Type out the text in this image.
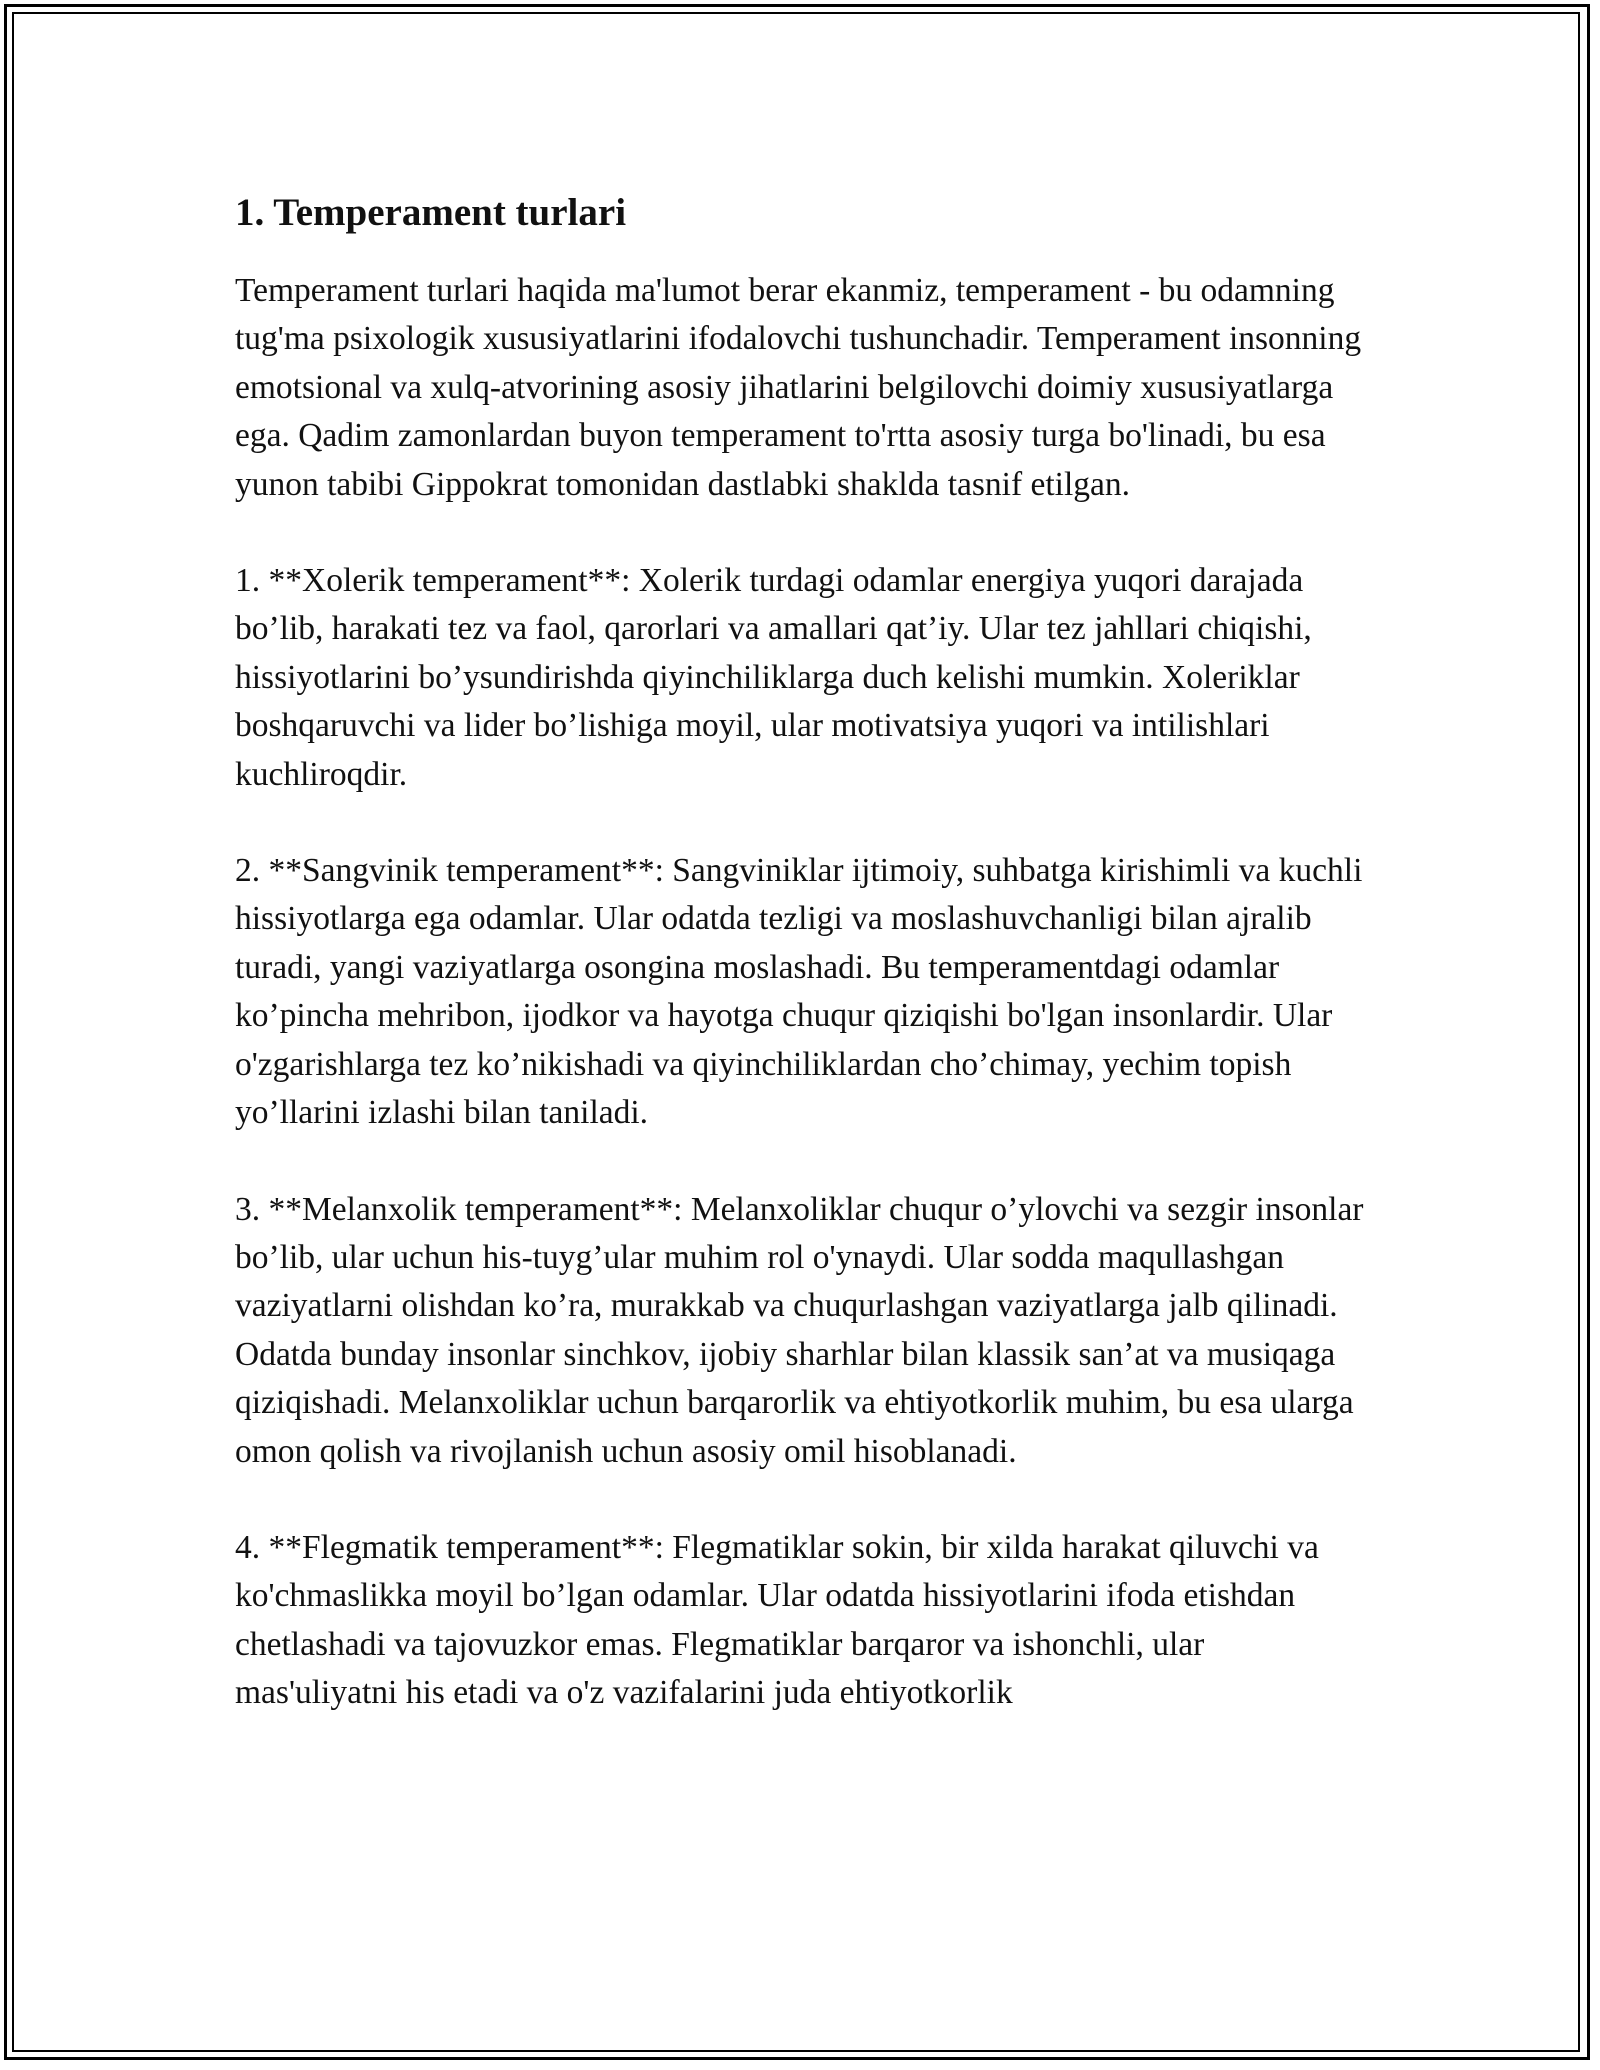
1. Temperament turlari

Temperament turlari haqida ma'lumot berar ekanmiz, temperament - bu odamning tug'ma psixologik xususiyatlarini ifodalovchi tushunchadir. Temperament insonning emotsional va xulq-atvorining asosiy jihatlarini belgilovchi doimiy xususiyatlarga ega. Qadim zamonlardan buyon temperament to'rtta asosiy turga bo'linadi, bu esa yunon tabibi Gippokrat tomonidan dastlabki shaklda tasnif etilgan.

1. **Xolerik temperament**: Xolerik turdagi odamlar energiya yuqori darajada bo’lib, harakati tez va faol, qarorlari va amallari qat’iy. Ular tez jahllari chiqishi, hissiyotlarini bo’ysundirishda qiyinchiliklarga duch kelishi mumkin. Xoleriklar boshqaruvchi va lider bo’lishiga moyil, ular motivatsiya yuqori va intilishlari kuchliroqdir.

2. **Sangvinik temperament**: Sangviniklar ijtimoiy, suhbatga kirishimli va kuchli hissiyotlarga ega odamlar. Ular odatda tezligi va moslashuvchanligi bilan ajralib turadi, yangi vaziyatlarga osongina moslashadi. Bu temperamentdagi odamlar ko’pincha mehribon, ijodkor va hayotga chuqur qiziqishi bo'lgan insonlardir. Ular o'zgarishlarga tez ko’nikishadi va qiyinchiliklardan cho’chimay, yechim topish yo’llarini izlashi bilan taniladi.

3. **Melanxolik temperament**: Melanxoliklar chuqur o’ylovchi va sezgir insonlar bo’lib, ular uchun his-tuyg’ular muhim rol o'ynaydi. Ular sodda maqullashgan vaziyatlarni olishdan ko’ra, murakkab va chuqurlashgan vaziyatlarga jalb qilinadi. Odatda bunday insonlar sinchkov, ijobiy sharhlar bilan klassik san’at va musiqaga qiziqishadi. Melanxoliklar uchun barqarorlik va ehtiyotkorlik muhim, bu esa ularga omon qolish va rivojlanish uchun asosiy omil hisoblanadi.

4. **Flegmatik temperament**: Flegmatiklar sokin, bir xilda harakat qiluvchi va ko'chmaslikka moyil bo’lgan odamlar. Ular odatda hissiyotlarini ifoda etishdan chetlashadi va tajovuzkor emas. Flegmatiklar barqaror va ishonchli, ular mas'uliyatni his etadi va o'z vazifalarini juda ehtiyotkorlik
